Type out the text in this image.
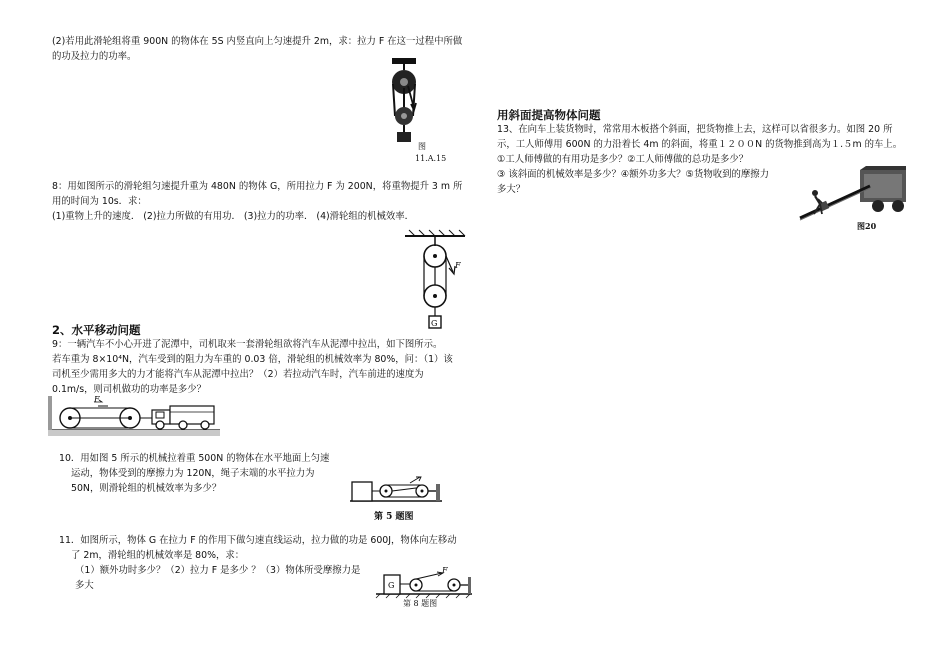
(2)若用此滑轮组将重 900N 的物体在 5S 内竖直向上匀速提升 2m，求：拉力 F 在这一过程中所做
的功及拉力的功率。
图
11.A.15
8：用如图所示的滑轮组匀速提升重为 480N 的物体 G，所用拉力 F 为 200N，将重物提升 3 m 所
用的时间为 10s．求：
(1)重物上升的速度． (2)拉力所做的有用功． (3)拉力的功率． (4)滑轮组的机械效率．
F
G
2、水平移动问题
9：一辆汽车不小心开进了泥潭中，司机取来一套滑轮组欲将汽车从泥潭中拉出，如下图所示。
若车重为 8×10⁴N，汽车受到的阻力为车重的 0.03 倍，滑轮组的机械效率为 80%，问：（1）该
司机至少需用多大的力才能将汽车从泥潭中拉出？（2）若拉动汽车时，汽车前进的速度为
0.1m/s，则司机做功的功率是多少？
F
10．用如图 5 所示的机械拉着重 500N 的物体在水平地面上匀速
运动，物体受到的摩擦力为 120N，绳子末端的水平拉力为
50N，则滑轮组的机械效率为多少？
第 5 题图
11．如图所示，物体 G 在拉力 F 的作用下做匀速直线运动，拉力做的功是 600J，物体向左移动
了 2m，滑轮组的机械效率是 80%，求：
（1）额外功时多少？（2）拉力 F 是多少 ？（3）物体所受摩擦力是
多大	G
F
第 8 题图
用斜面提高物体问题
13、在向车上装货物时，常常用木板搭个斜面，把货物推上去，这样可以省很多力。如图 20 所
示，工人师傅用 600N 的力沿着长 4m 的斜面，将重１２００N 的货物推到高为１.５m 的车上。
①工人师傅做的有用功是多少？②工人师傅做的总功是多少？
③ 该斜面的机械效率是多少？④额外功多大？⑤货物收到的摩擦力
多大？
图20
